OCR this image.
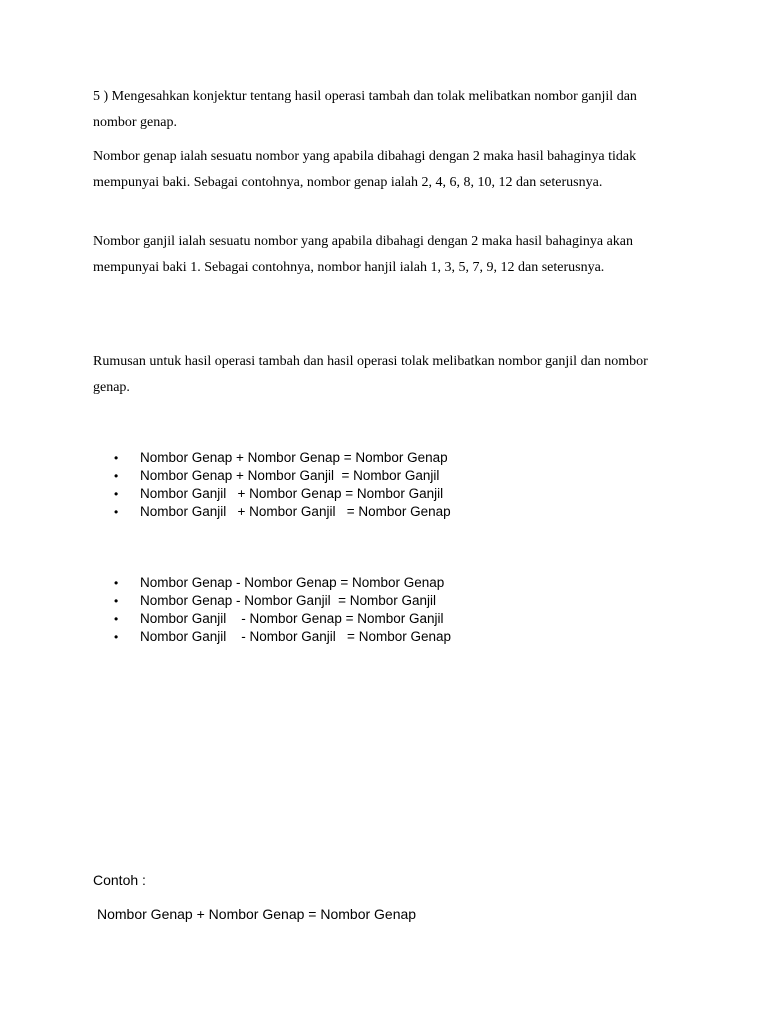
5 ) Mengesahkan konjektur tentang hasil operasi tambah dan tolak melibatkan nombor ganjil dan nombor genap.

Nombor genap ialah sesuatu nombor yang apabila dibahagi dengan 2 maka hasil bahaginya tidak mempunyai baki. Sebagai contohnya, nombor genap ialah 2, 4, 6, 8, 10, 12 dan seterusnya.

Nombor ganjil ialah sesuatu nombor yang apabila dibahagi dengan 2 maka hasil bahaginya akan mempunyai baki 1. Sebagai contohnya, nombor hanjil ialah 1, 3, 5, 7, 9, 12 dan seterusnya.

Rumusan untuk hasil operasi tambah dan hasil operasi tolak melibatkan nombor ganjil dan nombor genap.

• Nombor Genap + Nombor Genap = Nombor Genap
• Nombor Genap + Nombor Ganjil  = Nombor Ganjil
• Nombor Ganjil   + Nombor Genap = Nombor Ganjil
• Nombor Ganjil   + Nombor Ganjil   = Nombor Genap
• Nombor Genap - Nombor Genap = Nombor Genap
• Nombor Genap - Nombor Ganjil  = Nombor Ganjil
• Nombor Ganjil    - Nombor Genap = Nombor Ganjil
• Nombor Ganjil    - Nombor Ganjil   = Nombor Genap

Contoh :

Nombor Genap + Nombor Genap = Nombor Genap
